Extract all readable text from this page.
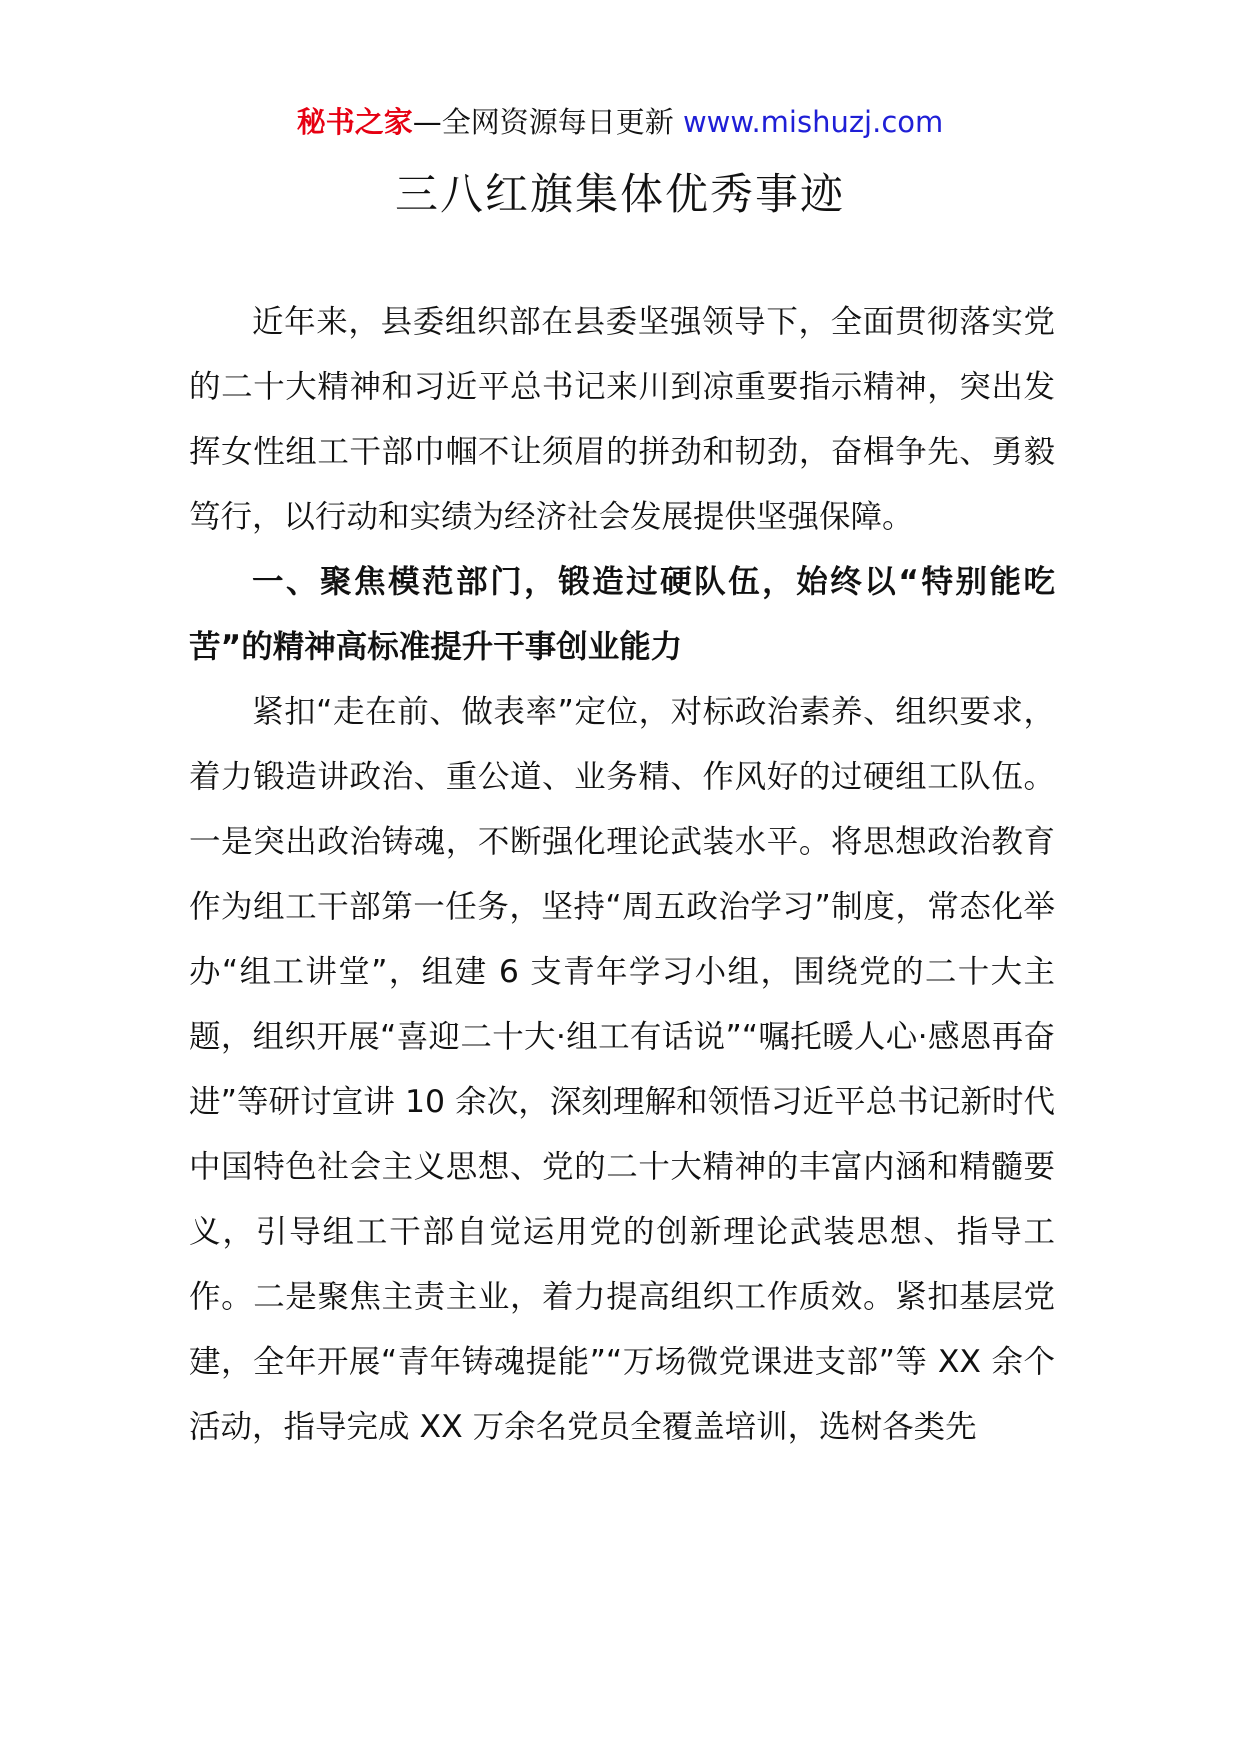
秘书之家—全网资源每日更新 www.mishuzj.com
三八红旗集体优秀事迹

近年来，县委组织部在县委坚强领导下，全面贯彻落实党的二十大精神和习近平总书记来川到凉重要指示精神，突出发挥女性组工干部巾帼不让须眉的拼劲和韧劲，奋楫争先、勇毅笃行，以行动和实绩为经济社会发展提供坚强保障。

一、聚焦模范部门，锻造过硬队伍，始终以“特别能吃苦”的精神高标准提升干事创业能力

紧扣“走在前、做表率”定位，对标政治素养、组织要求，着力锻造讲政治、重公道、业务精、作风好的过硬组工队伍。一是突出政治铸魂，不断强化理论武装水平。将思想政治教育作为组工干部第一任务，坚持“周五政治学习”制度，常态化举办“组工讲堂”，组建 6 支青年学习小组，围绕党的二十大主题，组织开展“喜迎二十大·组工有话说”“嘱托暖人心·感恩再奋进”等研讨宣讲 10 余次，深刻理解和领悟习近平总书记新时代中国特色社会主义思想、党的二十大精神的丰富内涵和精髓要义，引导组工干部自觉运用党的创新理论武装思想、指导工作。二是聚焦主责主业，着力提高组织工作质效。紧扣基层党建，全年开展“青年铸魂提能”“万场微党课进支部”等 XX 余个活动，指导完成 XX 万余名党员全覆盖培训，选树各类先
